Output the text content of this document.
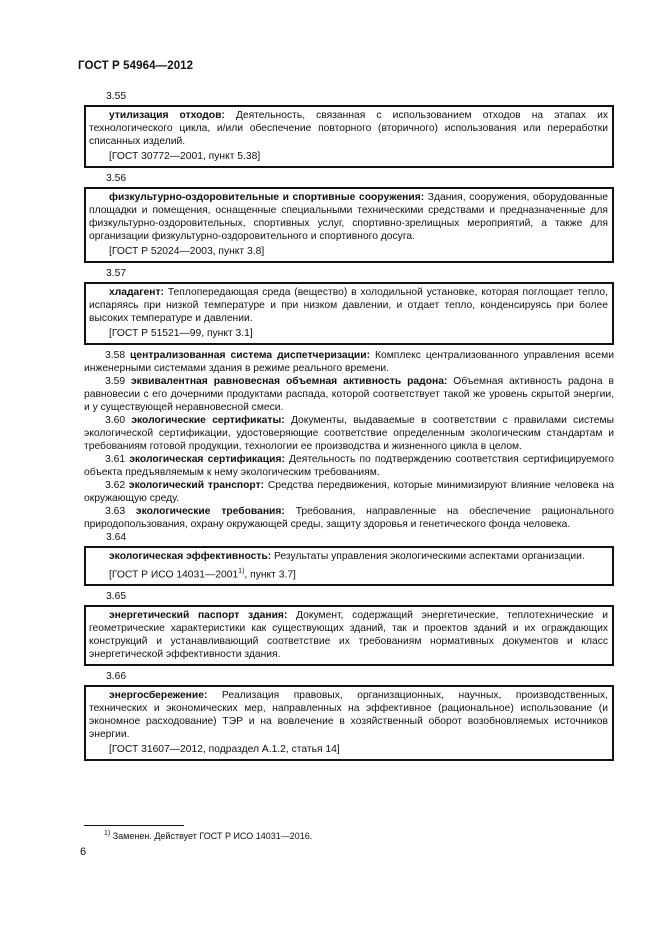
ГОСТ Р 54964—2012
3.55

утилизация отходов: Деятельность, связанная с использованием отходов на этапах их технологического цикла, и/или обеспечение повторного (вторичного) использования или переработки списанных изделий.

[ГОСТ 30772—2001, пункт 5.38]

3.56

физкультурно-оздоровительные и спортивные сооружения: Здания, сооружения, оборудованные площадки и помещения, оснащенные специальными техническими средствами и предназначенные для физкультурно-оздоровительных, спортивных услуг, спортивно-зрелищных мероприятий, а также для организации физкультурно-оздоровительного и спортивного досуга.

[ГОСТ Р 52024—2003, пункт 3.8]

3.57

хладагент: Теплопередающая среда (вещество) в холодильной установке, которая поглощает тепло, испаряясь при низкой температуре и при низком давлении, и отдает тепло, конденсируясь при более высоких температуре и давлении.

[ГОСТ Р 51521—99, пункт 3.1]

3.58 централизованная система диспетчеризации: Комплекс централизованного управления всеми инженерными системами здания в режиме реального времени.

3.59 эквивалентная равновесная объемная активность радона: Объемная активность радона в равновесии с его дочерними продуктами распада, которой соответствует такой же уровень скрытой энергии, и у существующей неравновесной смеси.

3.60 экологические сертификаты: Документы, выдаваемые в соответствии с правилами системы экологической сертификации, удостоверяющие соответствие определенным экологическим стандартам и требованиям готовой продукции, технологии ее производства и жизненного цикла в целом.

3.61 экологическая сертификация: Деятельность по подтверждению соответствия сертифицируемого объекта предъявляемым к нему экологическим требованиям.

3.62 экологический транспорт: Средства передвижения, которые минимизируют влияние человека на окружающую среду.

3.63 экологические требования: Требования, направленные на обеспечение рационального природопользования, охрану окружающей среды, защиту здоровья и генетического фонда человека.

3.64

экологическая эффективность: Результаты управления экологическими аспектами организации.

[ГОСТ Р ИСО 14031—2001$^{1)}$, пункт 3.7]

3.65

энергетический паспорт здания: Документ, содержащий энергетические, теплотехнические и геометрические характеристики как существующих зданий, так и проектов зданий и их ограждающих конструкций и устанавливающий соответствие их требованиям нормативных документов и класс энергетической эффективности здания.

3.66

энергосбережение: Реализация правовых, организационных, научных, производственных, технических и экономических мер, направленных на эффективное (рациональное) использование (и экономное расходование) ТЭР и на вовлечение в хозяйственный оборот возобновляемых источников энергии.

[ГОСТ 31607—2012, подраздел А.1.2, статья 14]

$^{1)}$ Заменен. Действует ГОСТ Р ИСО 14031—2016.
6
